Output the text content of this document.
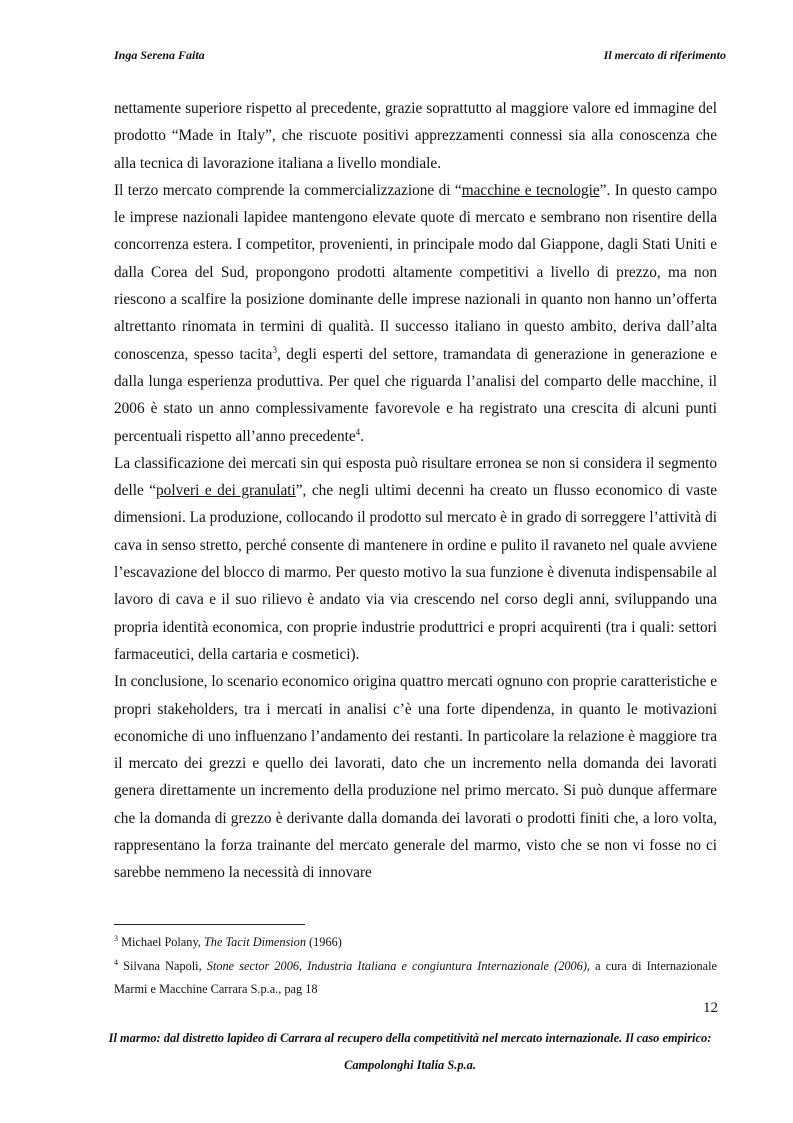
Inga Serena Faita	Il mercato di riferimento

nettamente superiore rispetto al precedente, grazie soprattutto al maggiore valore ed immagine del prodotto “Made in Italy”, che riscuote positivi apprezzamenti connessi sia alla conoscenza che alla tecnica di lavorazione italiana a livello mondiale.

Il terzo mercato comprende la commercializzazione di “macchine e tecnologie”. In questo campo le imprese nazionali lapidee mantengono elevate quote di mercato e sembrano non risentire della concorrenza estera. I competitor, provenienti, in principale modo dal Giappone, dagli Stati Uniti e dalla Corea del Sud, propongono prodotti altamente competitivi a livello di prezzo, ma non riescono a scalfire la posizione dominante delle imprese nazionali in quanto non hanno un’offerta altrettanto rinomata in termini di qualità. Il successo italiano in questo ambito, deriva dall’alta conoscenza, spesso tacita$^3$, degli esperti del settore, tramandata di generazione in generazione e dalla lunga esperienza produttiva. Per quel che riguarda l’analisi del comparto delle macchine, il 2006 è stato un anno complessivamente favorevole e ha registrato una crescita di alcuni punti percentuali rispetto all’anno precedente$^4$.

La classificazione dei mercati sin qui esposta può risultare erronea se non si considera il segmento delle “polveri e dei granulati”, che negli ultimi decenni ha creato un flusso economico di vaste dimensioni. La produzione, collocando il prodotto sul mercato è in grado di sorreggere l’attività di cava in senso stretto, perché consente di mantenere in ordine e pulito il ravaneto nel quale avviene l’escavazione del blocco di marmo. Per questo motivo la sua funzione è divenuta indispensabile al lavoro di cava e il suo rilievo è andato via via crescendo nel corso degli anni, sviluppando una propria identità economica, con proprie industrie produttrici e propri acquirenti (tra i quali: settori farmaceutici, della cartaria e cosmetici).

In conclusione, lo scenario economico origina quattro mercati ognuno con proprie caratteristiche e propri stakeholders, tra i mercati in analisi c’è una forte dipendenza, in quanto le motivazioni economiche di uno influenzano l’andamento dei restanti. In particolare la relazione è maggiore tra il mercato dei grezzi e quello dei lavorati, dato che un incremento nella domanda dei lavorati genera direttamente un incremento della produzione nel primo mercato. Si può dunque affermare che la domanda di grezzo è derivante dalla domanda dei lavorati o prodotti finiti che, a loro volta, rappresentano la forza trainante del mercato generale del marmo, visto che se non vi fosse no ci sarebbe nemmeno la necessità di innovare

$^3$ Michael Polany, The Tacit Dimension (1966)

$^4$ Silvana Napoli, Stone sector 2006, Industria Italiana e congiuntura Internazionale (2006), a cura di Internazionale Marmi e Macchine Carrara S.p.a., pag 18

12
Il marmo: dal distretto lapideo di Carrara al recupero della competitività nel mercato internazionale. Il caso empirico:
Campolonghi Italia S.p.a.
